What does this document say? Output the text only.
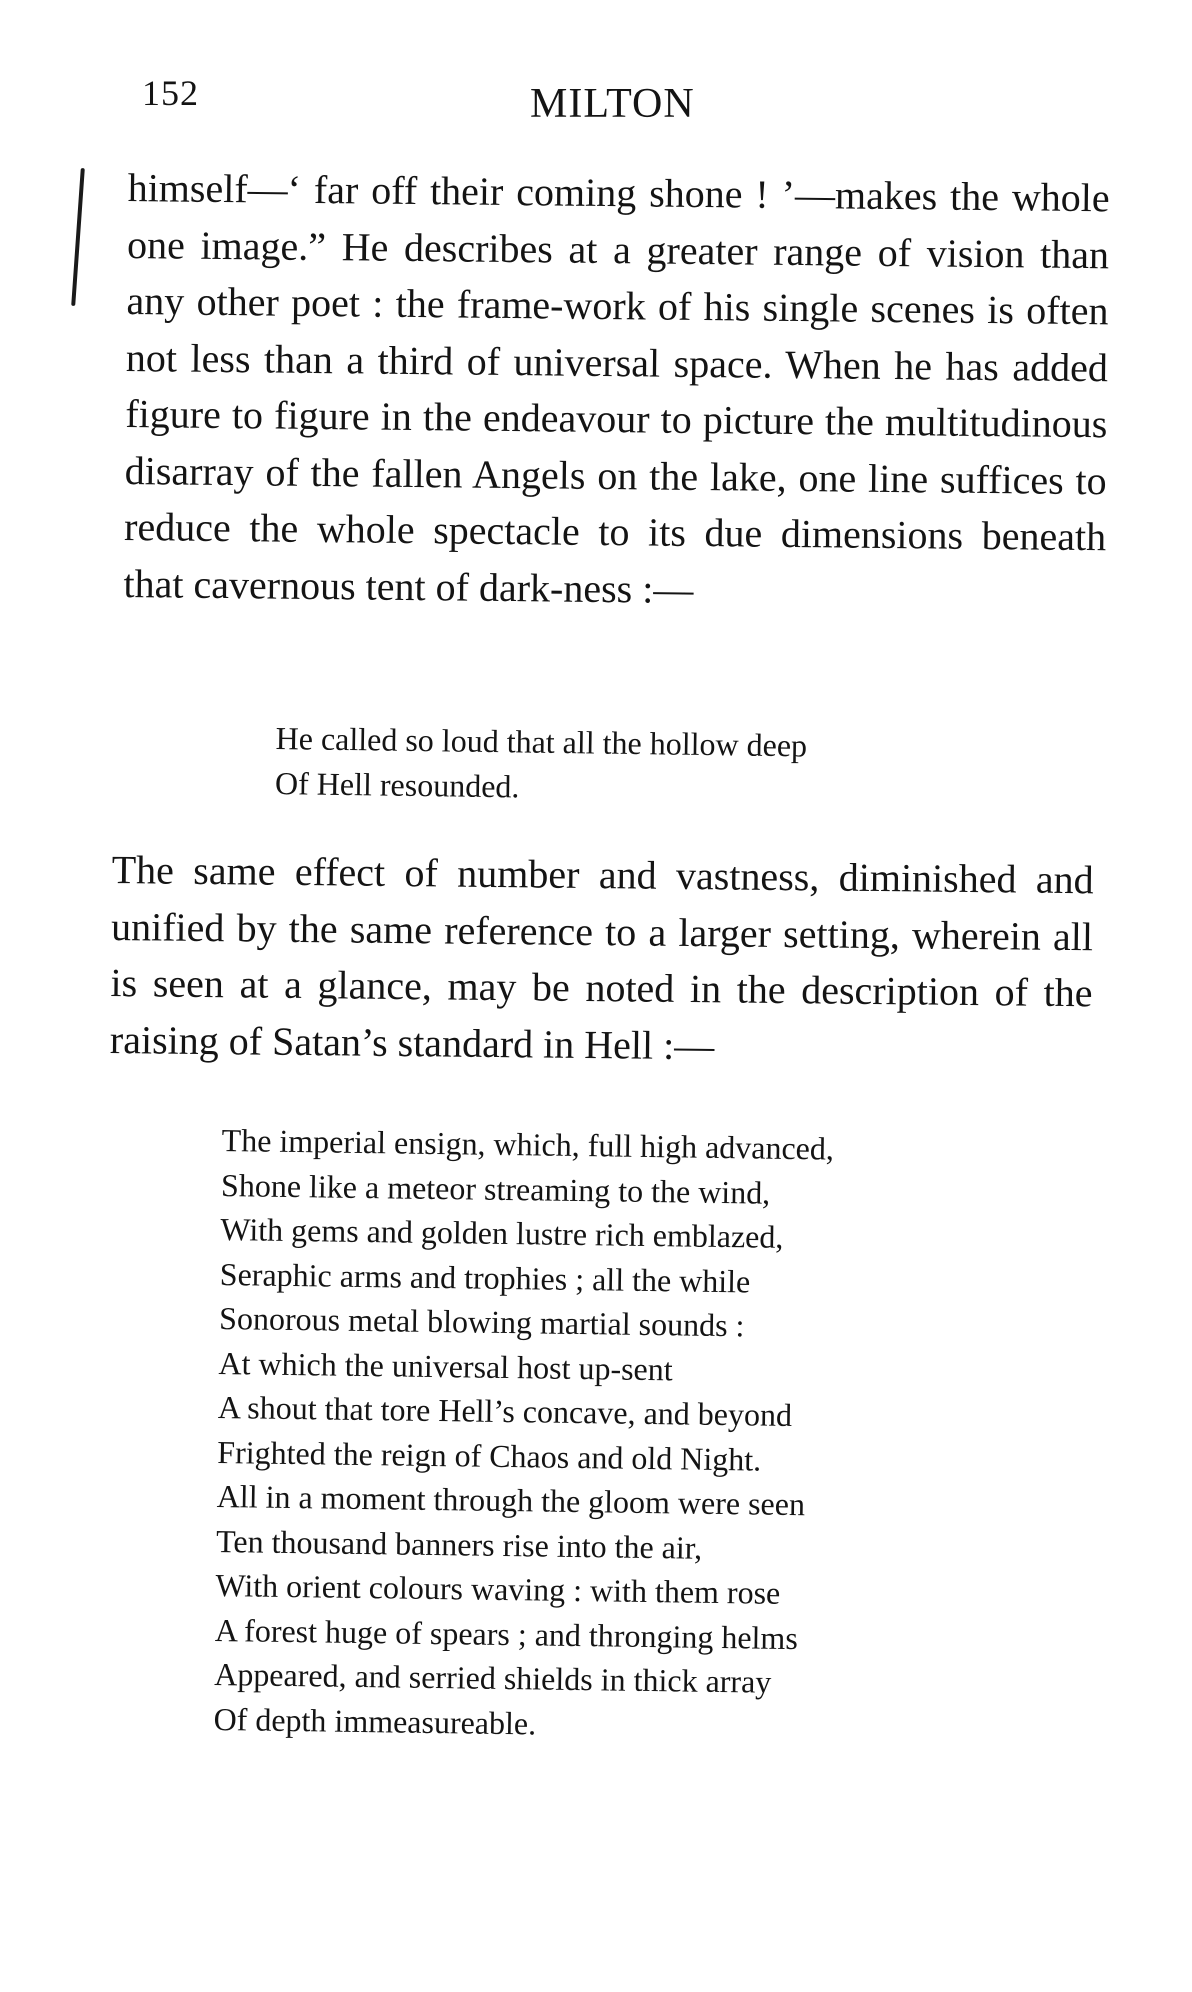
152	MILTON

himself—‘ far off their coming shone ! ’—makes the whole one image.” He describes at a greater range of vision than any other poet : the frame-work of his single scenes is often not less than a third of universal space. When he has added figure to figure in the endeavour to picture the multitudinous disarray of the fallen Angels on the lake, one line suffices to reduce the whole spectacle to its due dimensions beneath that cavernous tent of dark-ness :—

He called so loud that all the hollow deep
Of Hell resounded.

The same effect of number and vastness, diminished and unified by the same reference to a larger setting, wherein all is seen at a glance, may be noted in the description of the raising of Satan’s standard in Hell :—

The imperial ensign, which, full high advanced,
Shone like a meteor streaming to the wind,
With gems and golden lustre rich emblazed,
Seraphic arms and trophies ; all the while
Sonorous metal blowing martial sounds :
At which the universal host up-sent
A shout that tore Hell’s concave, and beyond
Frighted the reign of Chaos and old Night.
All in a moment through the gloom were seen
Ten thousand banners rise into the air,
With orient colours waving : with them rose
A forest huge of spears ; and thronging helms
Appeared, and serried shields in thick array
Of depth immeasureable.
